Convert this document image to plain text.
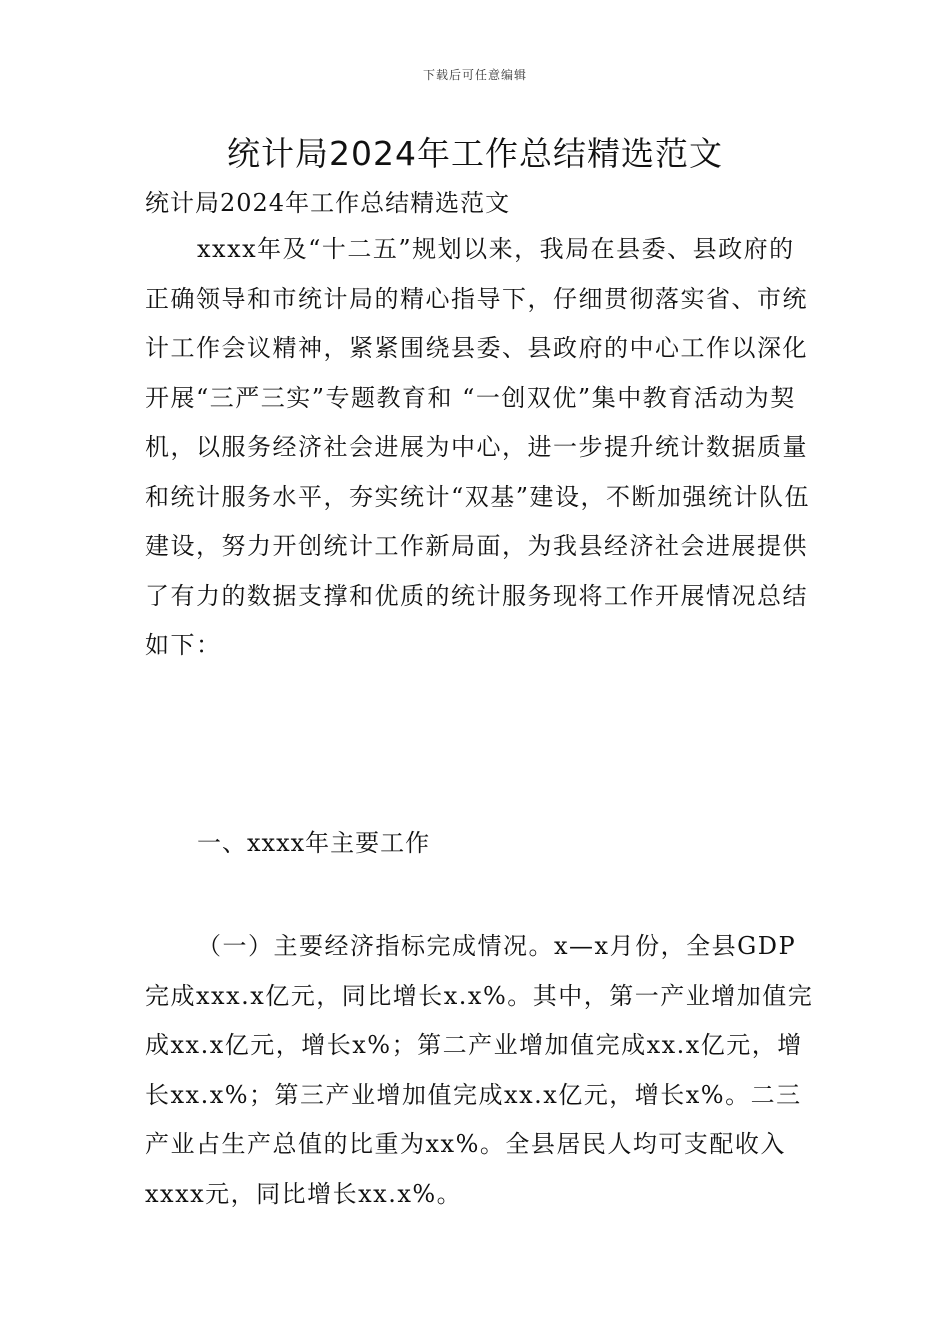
下载后可任意编辑
统计局2024年工作总结精选范文
统计局2024年工作总结精选范文

xxxx年及“十二五”规划以来，我局在县委、县政府的正确领导和市统计局的精心指导下，仔细贯彻落实省、市统计工作会议精神，紧紧围绕县委、县政府的中心工作以深化开展“三严三实”专题教育和 “一创双优”集中教育活动为契机，以服务经济社会进展为中心，进一步提升统计数据质量和统计服务水平，夯实统计“双基”建设，不断加强统计队伍建设，努力开创统计工作新局面，为我县经济社会进展提供了有力的数据支撑和优质的统计服务现将工作开展情况总结如下：

一、xxxx年主要工作

（一）主要经济指标完成情况。x—x月份，全县GDP完成xxx.x亿元，同比增长x.x%。其中，第一产业增加值完成xx.x亿元，增长x%；第二产业增加值完成xx.x亿元，增长xx.x%；第三产业增加值完成xx.x亿元，增长x%。二三产业占生产总值的比重为xx%。全县居民人均可支配收入xxxx元，同比增长xx.x%。
